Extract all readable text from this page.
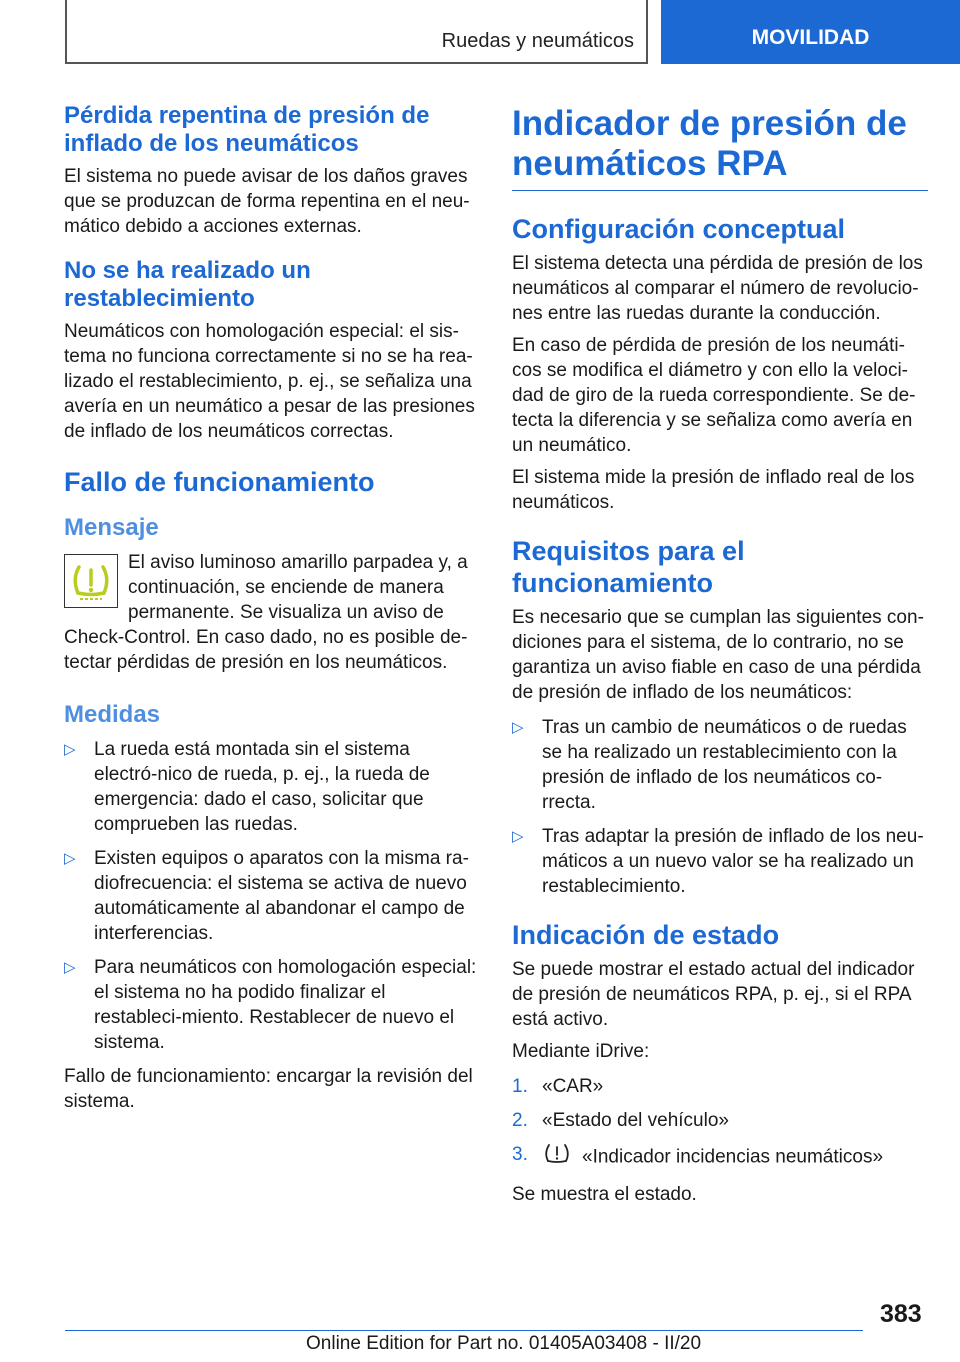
Ruedas y neumáticos	MOVILIDAD
Pérdida repentina de presión de inflado de los neumáticos

El sistema no puede avisar de los daños graves que se produzcan de forma repentina en el neu-mático debido a acciones externas.

No se ha realizado un restablecimiento

Neumáticos con homologación especial: el sis-tema no funciona correctamente si no se ha rea-lizado el restablecimiento, p. ej., se señaliza una avería en un neumático a pesar de las presiones de inflado de los neumáticos correctas.

Fallo de funcionamiento
Mensaje

El aviso luminoso amarillo parpadea y, a continuación, se enciende de manera permanente. Se visualiza un aviso de Check-Control. En caso dado, no es posible de-tectar pérdidas de presión en los neumáticos.

Medidas
▷ La rueda está montada sin el sistema electró-nico de rueda, p. ej., la rueda de emergencia: dado el caso, solicitar que comprueben las ruedas.
▷ Existen equipos o aparatos con la misma ra-diofrecuencia: el sistema se activa de nuevo automáticamente al abandonar el campo de interferencias.
▷ Para neumáticos con homologación especial: el sistema no ha podido finalizar el restableci-miento. Restablecer de nuevo el sistema.

Fallo de funcionamiento: encargar la revisión del sistema.

Indicador de presión de neumáticos RPA
Configuración conceptual

El sistema detecta una pérdida de presión de los neumáticos al comparar el número de revolucio-nes entre las ruedas durante la conducción.

En caso de pérdida de presión de los neumáti-cos se modifica el diámetro y con ello la veloci-dad de giro de la rueda correspondiente. Se de-tecta la diferencia y se señaliza como avería en un neumático.

El sistema mide la presión de inflado real de los neumáticos.

Requisitos para el funcionamiento

Es necesario que se cumplan las siguientes con-diciones para el sistema, de lo contrario, no se garantiza un aviso fiable en caso de una pérdida de presión de inflado de los neumáticos:

▷ Tras un cambio de neumáticos o de ruedas se ha realizado un restablecimiento con la presión de inflado de los neumáticos co-rrecta.
▷ Tras adaptar la presión de inflado de los neu-máticos a un nuevo valor se ha realizado un restablecimiento.
Indicación de estado

Se puede mostrar el estado actual del indicador de presión de neumáticos RPA, p. ej., si el RPA está activo.

Mediante iDrive:

1. «CAR»
2. «Estado del vehículo»
3.	«Indicador incidencias neumáticos»

Se muestra el estado.

383
Online Edition for Part no. 01405A03408 - II/20
